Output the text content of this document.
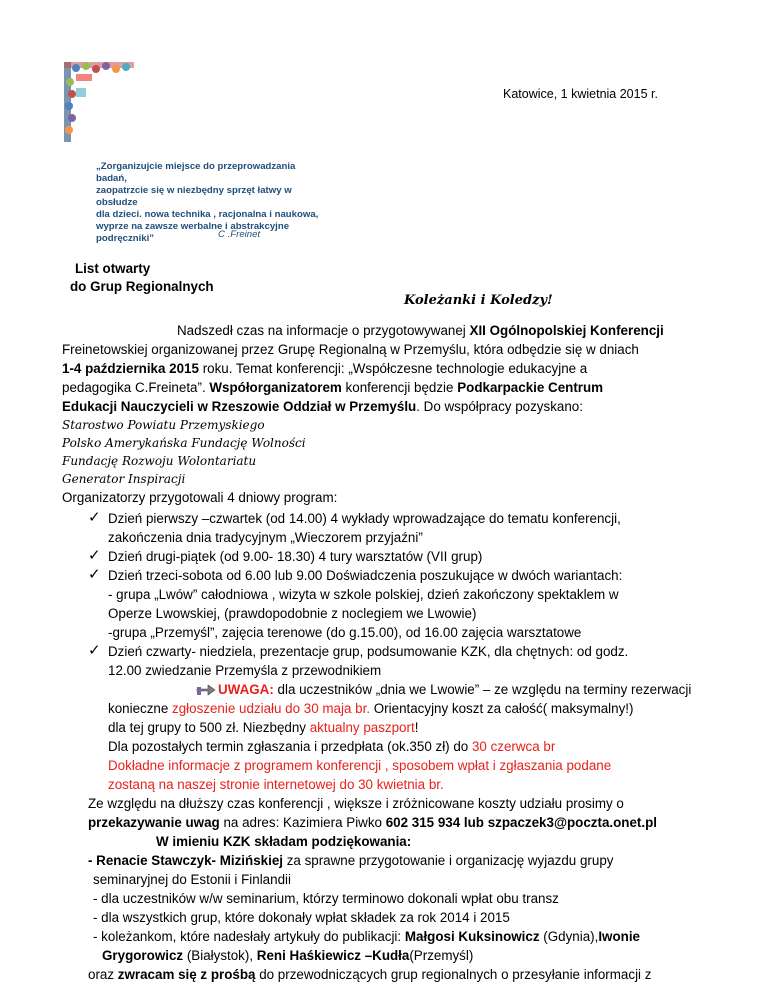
Katowice, 1 kwietnia 2015 r.
„Zorganizujcie miejsce do przeprowadzania badań,
zaopatrzcie się w niezbędny sprzęt łatwy w obsłudze
dla dzieci. nowa technika , racjonalna i naukowa,
wyprze na zawsze werbalne i abstrakcyjne
podręczniki”	C .Freinet
List otwarty
do Grup Regionalnych
Koleżanki i Koledzy!
Nadszedł czas na informacje o przygotowywanej XII Ogólnopolskiej Konferencji
Freinetowskiej organizowanej przez Grupę Regionalną w Przemyślu, która odbędzie się w dniach
1-4 października 2015 roku. Temat konferencji: „Współczesne technologie edukacyjne a
pedagogika C.Freineta”. Współorganizatorem konferencji będzie Podkarpackie Centrum
Edukacji Nauczycieli w Rzeszowie Oddział w Przemyślu. Do współpracy pozyskano:
Starostwo Powiatu Przemyskiego
Polsko Amerykańska Fundację Wolności
Fundację Rozwoju Wolontariatu
Generator Inspiracji
Organizatorzy przygotowali 4 dniowy program:
✓ Dzień pierwszy –czwartek (od 14.00) 4 wykłady wprowadzające do tematu konferencji,
zakończenia dnia tradycyjnym „Wieczorem przyjaźni”
✓ Dzień drugi-piątek (od 9.00- 18.30) 4 tury warsztatów (VII grup)
✓ Dzień trzeci-sobota od 6.00 lub 9.00 Doświadczenia poszukujące w dwóch wariantach:
- grupa „Lwów” całodniowa , wizyta w szkole polskiej, dzień zakończony spektaklem w
Operze Lwowskiej, (prawdopodobnie z noclegiem we Lwowie)
-grupa „Przemyśl”, zajęcia terenowe (do g.15.00), od 16.00 zajęcia warsztatowe
✓ Dzień czwarty- niedziela, prezentacje grup, podsumowanie KZK, dla chętnych: od godz.
12.00 zwiedzanie Przemyśla z przewodnikiem
UWAGA: dla uczestników „dnia we Lwowie” – ze względu na terminy rezerwacji
konieczne zgłoszenie udziału do 30 maja br. Orientacyjny koszt za całość( maksymalny!)
dla tej grupy to 500 zł. Niezbędny aktualny paszport!
Dla pozostałych termin zgłaszania i przedpłata (ok.350 zł) do 30 czerwca br
Dokładne informacje z programem konferencji , sposobem wpłat i zgłaszania podane
zostaną na naszej stronie internetowej do 30 kwietnia br.
Ze względu na dłuższy czas konferencji , większe i zróżnicowane koszty udziału prosimy o
przekazywanie uwag na adres: Kazimiera Piwko 602 315 934 lub szpaczek3@poczta.onet.pl
W imieniu KZK składam podziękowania:
- Renacie Stawczyk- Mizińskiej za sprawne przygotowanie i organizację wyjazdu grupy
seminaryjnej do Estonii i Finlandii
- dla uczestników w/w seminarium, którzy terminowo dokonali wpłat obu transz
- dla wszystkich grup, które dokonały wpłat składek za rok 2014 i 2015
- koleżankom, które nadesłały artykuły do publikacji: Małgosi Kuksinowicz (Gdynia),Iwonie
Grygorowicz (Białystok), Reni Haśkiewicz –Kudła(Przemyśl)
oraz zwracam się z prośbą do przewodniczących grup regionalnych o przesyłanie informacji z
